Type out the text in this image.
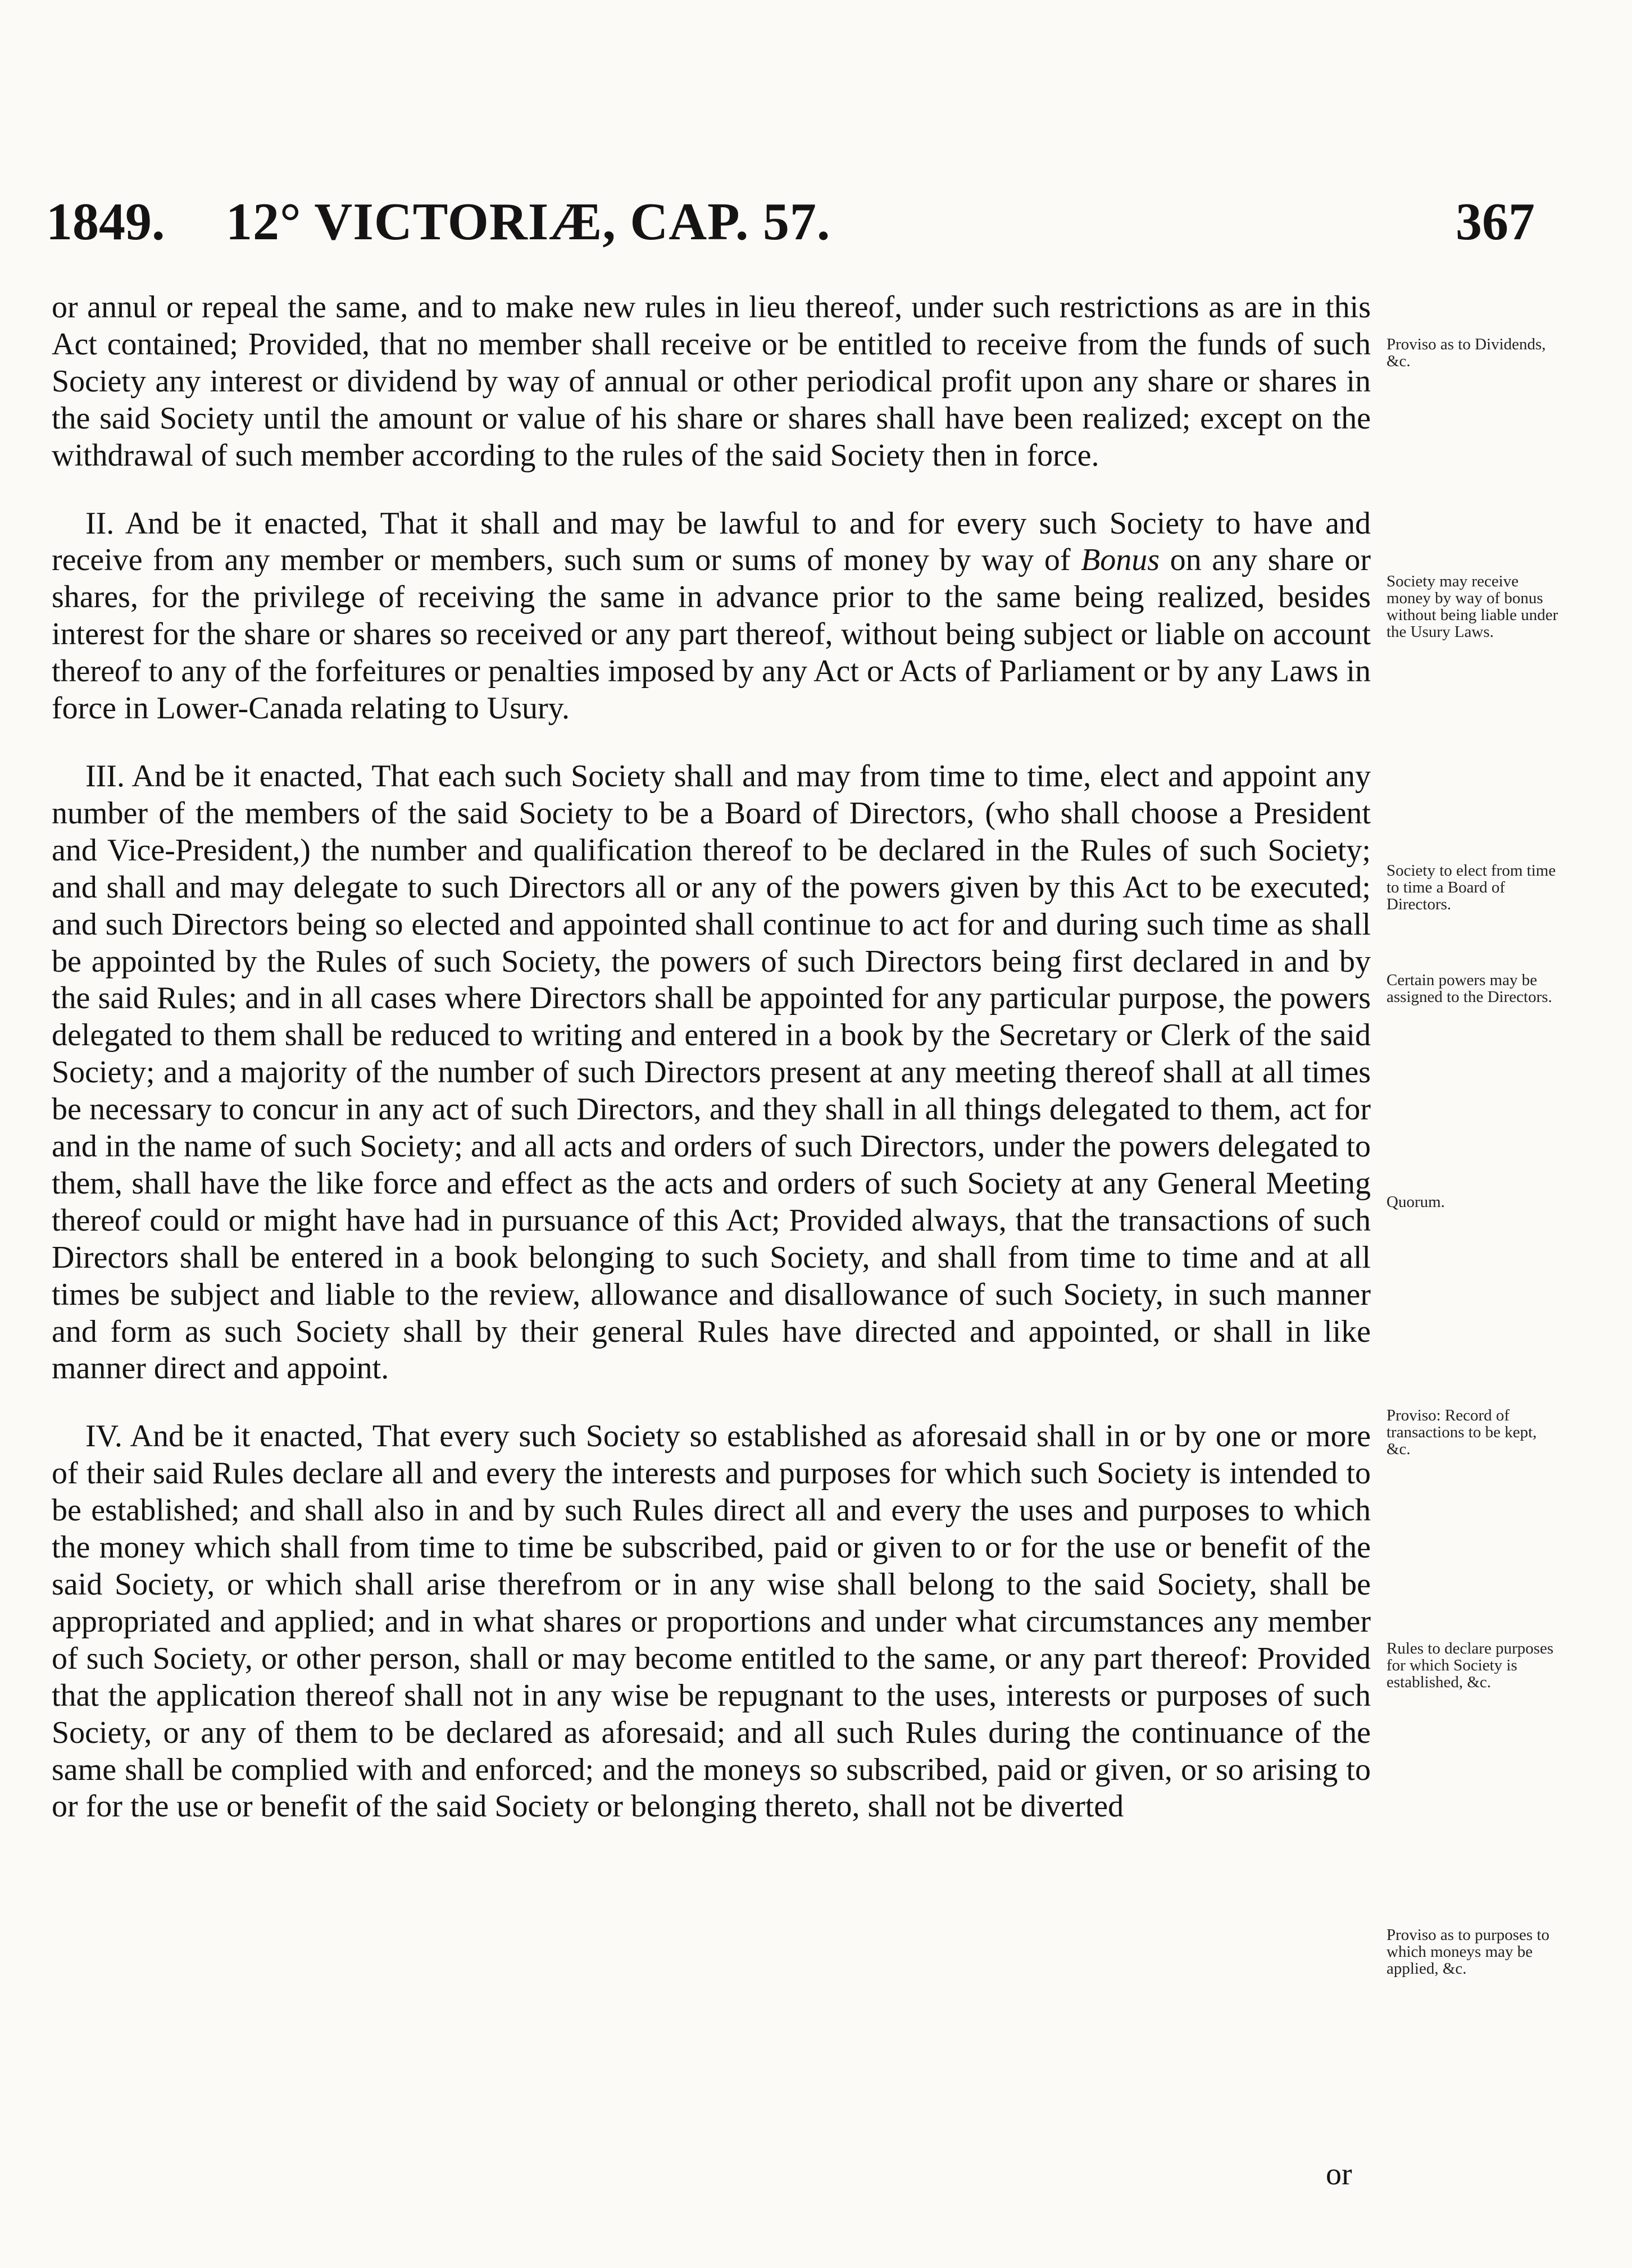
1849. 12° VICTORIÆ, CAP. 57.	367

or annul or repeal the same, and to make new rules in lieu thereof, under such restrictions as are in this Act contained; Provided, that no member shall receive or be entitled to receive from the funds of such Society any interest or dividend by way of annual or other periodical profit upon any share or shares in the said Society until the amount or value of his share or shares shall have been realized; except on the withdrawal of such member according to the rules of the said Society then in force.

II. And be it enacted, That it shall and may be lawful to and for every such Society to have and receive from any member or members, such sum or sums of money by way of Bonus on any share or shares, for the privilege of receiving the same in advance prior to the same being realized, besides interest for the share or shares so received or any part thereof, without being subject or liable on account thereof to any of the forfeitures or penalties imposed by any Act or Acts of Parliament or by any Laws in force in Lower-Canada relating to Usury.

III. And be it enacted, That each such Society shall and may from time to time, elect and appoint any number of the members of the said Society to be a Board of Directors, (who shall choose a President and Vice-President,) the number and qualification thereof to be declared in the Rules of such Society; and shall and may delegate to such Directors all or any of the powers given by this Act to be executed; and such Directors being so elected and appointed shall continue to act for and during such time as shall be appointed by the Rules of such Society, the powers of such Directors being first declared in and by the said Rules; and in all cases where Directors shall be appointed for any particular purpose, the powers delegated to them shall be reduced to writing and entered in a book by the Secretary or Clerk of the said Society; and a majority of the number of such Directors present at any meeting thereof shall at all times be necessary to concur in any act of such Directors, and they shall in all things delegated to them, act for and in the name of such Society; and all acts and orders of such Directors, under the powers delegated to them, shall have the like force and effect as the acts and orders of such Society at any General Meeting thereof could or might have had in pursuance of this Act; Provided always, that the transactions of such Directors shall be entered in a book belonging to such Society, and shall from time to time and at all times be subject and liable to the review, allowance and disallowance of such Society, in such manner and form as such Society shall by their general Rules have directed and appointed, or shall in like manner direct and appoint.

IV. And be it enacted, That every such Society so established as aforesaid shall in or by one or more of their said Rules declare all and every the interests and purposes for which such Society is intended to be established; and shall also in and by such Rules direct all and every the uses and purposes to which the money which shall from time to time be subscribed, paid or given to or for the use or benefit of the said Society, or which shall arise therefrom or in any wise shall belong to the said Society, shall be appropriated and applied; and in what shares or proportions and under what circumstances any member of such Society, or other person, shall or may become entitled to the same, or any part thereof: Provided that the application thereof shall not in any wise be repugnant to the uses, interests or purposes of such Society, or any of them to be declared as aforesaid; and all such Rules during the continuance of the same shall be complied with and enforced; and the moneys so subscribed, paid or given, or so arising to or for the use or benefit of the said Society or belonging thereto, shall not be diverted

or
Proviso as to Dividends, &c.
Society may receive money by way of bonus without being liable under the Usury Laws.
Society to elect from time to time a Board of Directors.
Certain powers may be assigned to the Directors.
Quorum.
Proviso: Record of transactions to be kept, &c.
Rules to declare purposes for which Society is established, &c.
Proviso as to purposes to which moneys may be applied, &c.
